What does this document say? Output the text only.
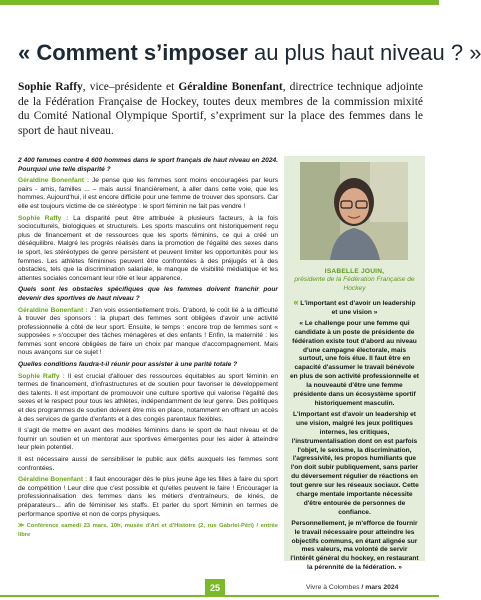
« Comment s’imposer au plus haut niveau ? »
Sophie Raffy, vice–présidente et Géraldine Bonenfant, directrice technique adjointe de la Fédération Française de Hockey, toutes deux membres de la commission mixité du Comité National Olympique Sportif, s’expriment sur la place des femmes dans le sport de haut niveau.

2 400 femmes contre 4 600 hommes dans le sport français de haut niveau en 2024. Pourquoi une telle disparité ?

Géraldine Bonenfant : Je pense que les femmes sont moins encouragées par leurs pairs - amis, familles ... – mais aussi financièrement, à aller dans cette voie, que les hommes. Aujourd'hui, il est encore difficile pour une femme de trouver des sponsors. Car elle est toujours victime de ce stéréotype : le sport féminin ne fait pas vendre !

Sophie Raffy : La disparité peut être attribuée à plusieurs facteurs, à la fois socioculturels, biologiques et structurels. Les sports masculins ont historiquement reçu plus de financement et de ressources que les sports féminins, ce qui a créé un déséquilibre. Malgré les progrès réalisés dans la promotion de l'égalité des sexes dans le sport, les stéréotypes de genre persistent et peuvent limiter les opportunités pour les femmes. Les athlètes féminines peuvent être confrontées à des préjugés et à des obstacles, tels que la discrimination salariale, le manque de visibilité médiatique et les attentes sociales concernant leur rôle et leur apparence.

Quels sont les obstacles spécifiques que les femmes doivent franchir pour devenir des sportives de haut niveau ?

Géraldine Bonenfant : J'en vois essentiellement trois. D'abord, le coût lié à la difficulté à trouver des sponsors : la plupart des femmes sont obligées d'avoir une activité professionnelle à côté de leur sport. Ensuite, le temps : encore trop de femmes sont « supposées » s'occuper des tâches ménagères et des enfants ! Enfin, la maternité : les femmes sont encore obligées de faire un choix par manque d'accompagnement. Mais nous avançons sur ce sujet !

Quelles conditions faudra-t-il réunir pour assister à une parité totale ?

Sophie Raffy : Il est crucial d'allouer des ressources équitables au sport féminin en termes de financement, d'infrastructures et de soutien pour favoriser le développement des talents. Il est important de promouvoir une culture sportive qui valorise l'égalité des sexes et le respect pour tous les athlètes, indépendamment de leur genre. Des politiques et des programmes de soutien doivent être mis en place, notamment en offrant un accès à des services de garde d'enfants et à des congés parentaux flexibles.

Il s'agit de mettre en avant des modèles féminins dans le sport de haut niveau et de fournir un soutien et un mentorat aux sportives émergentes pour les aider à atteindre leur plein potentiel.

Il est nécessaire aussi de sensibiliser le public aux défis auxquels les femmes sont confrontées.

Géraldine Bonenfant : Il faut encourager dès le plus jeune âge les filles à faire du sport de compétition ! Leur dire que c'est possible et qu'elles peuvent le faire ! Encourager la professionnalisation des femmes dans les métiers d'entraîneurs, de kinés, de préparateurs... afin de féminiser les staffs. Et parler du sport féminin en termes de performance sportive et non de corps physiques.

≫ Conférence samedi 23 mars, 10h, musée d'Art et d'Histoire (2, rue Gabriel-Péri) / entrée libre

ISABELLE JOUIN,
présidente de la Fédération Française de Hockey
« L'important est d'avoir un leadership et une vision »
« Le challenge pour une femme qui candidate à un poste de présidente de fédération existe tout d'abord au niveau d'une campagne électorale, mais surtout, une fois élue. Il faut être en capacité d'assumer le travail bénévole en plus de son activité professionnelle et la nouveauté d'être une femme présidente dans un écosystème sportif historiquement masculin.
L'important est d'avoir un leadership et une vision, malgré les jeux politiques internes, les critiques, l'instrumentalisation dont on est parfois l'objet, le sexisme, la discrimination, l'agressivité, les propos humiliants que l'on doit subir publiquement, sans parler du déversement régulier de réactions en tout genre sur les réseaux sociaux. Cette charge mentale importante nécessite d'être entourée de personnes de confiance.
Personnellement, je m'efforce de fournir le travail nécessaire pour atteindre les objectifs communs, en étant alignée sur mes valeurs, ma volonté de servir l'intérêt général du hockey, en restaurant la pérennité de la fédération. »
25	Vivre à Colombes / mars 2024
